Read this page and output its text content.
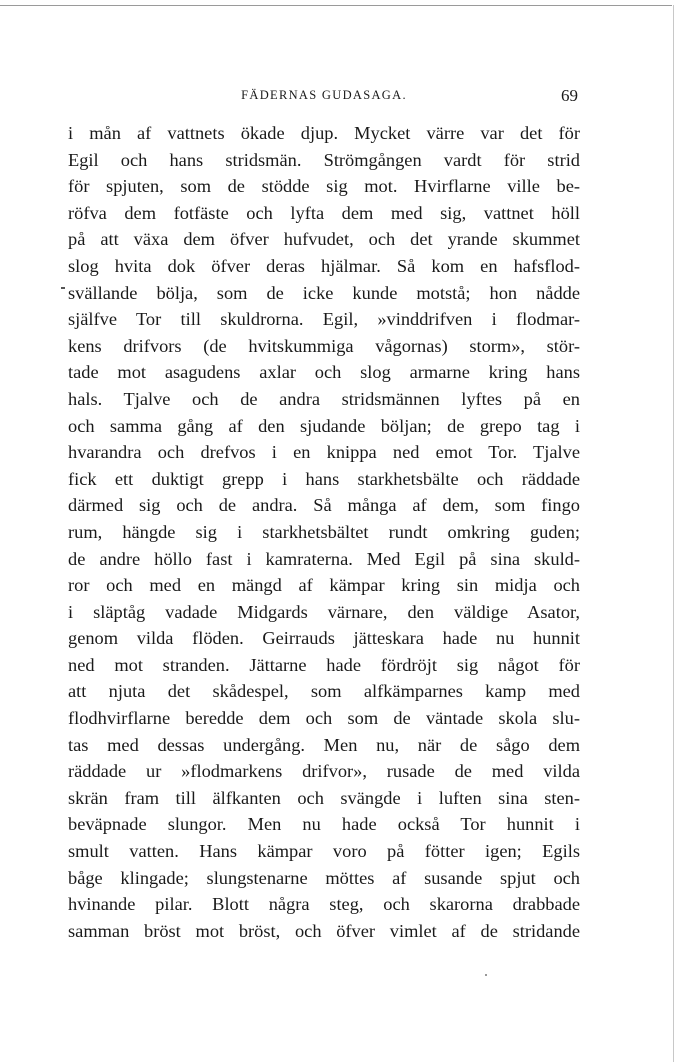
FÄDERNAS GUDASAGA.	69
i mån af vattnets ökade djup. Mycket värre var det för
Egil och hans stridsmän. Strömgången vardt för strid
för spjuten, som de stödde sig mot. Hvirflarne ville be-
röfva dem fotfäste och lyfta dem med sig, vattnet höll
på att växa dem öfver hufvudet, och det yrande skummet
slog hvita dok öfver deras hjälmar. Så kom en hafsflod-
svällande bölja, som de icke kunde motstå; hon nådde
själfve Tor till skuldrorna. Egil, »vinddrifven i flodmar-
kens drifvors (de hvitskummiga vågornas) storm», stör-
tade mot asagudens axlar och slog armarne kring hans
hals. Tjalve och de andra stridsmännen lyftes på en
och samma gång af den sjudande böljan; de grepo tag i
hvarandra och drefvos i en knippa ned emot Tor. Tjalve
fick ett duktigt grepp i hans starkhetsbälte och räddade
därmed sig och de andra. Så många af dem, som fingo
rum, hängde sig i starkhetsbältet rundt omkring guden;
de andre höllo fast i kamraterna. Med Egil på sina skuld-
ror och med en mängd af kämpar kring sin midja och
i släptåg vadade Midgards värnare, den väldige Asator,
genom vilda flöden. Geirrauds jätteskara hade nu hunnit
ned mot stranden. Jättarne hade fördröjt sig något för
att njuta det skådespel, som alfkämparnes kamp med
flodhvirflarne beredde dem och som de väntade skola slu-
tas med dessas undergång. Men nu, när de sågo dem
räddade ur »flodmarkens drifvor», rusade de med vilda
skrän fram till älfkanten och svängde i luften sina sten-
beväpnade slungor. Men nu hade också Tor hunnit i
smult vatten. Hans kämpar voro på fötter igen; Egils
båge klingade; slungstenarne möttes af susande spjut och
hvinande pilar. Blott några steg, och skarorna drabbade
samman bröst mot bröst, och öfver vimlet af de stridande
